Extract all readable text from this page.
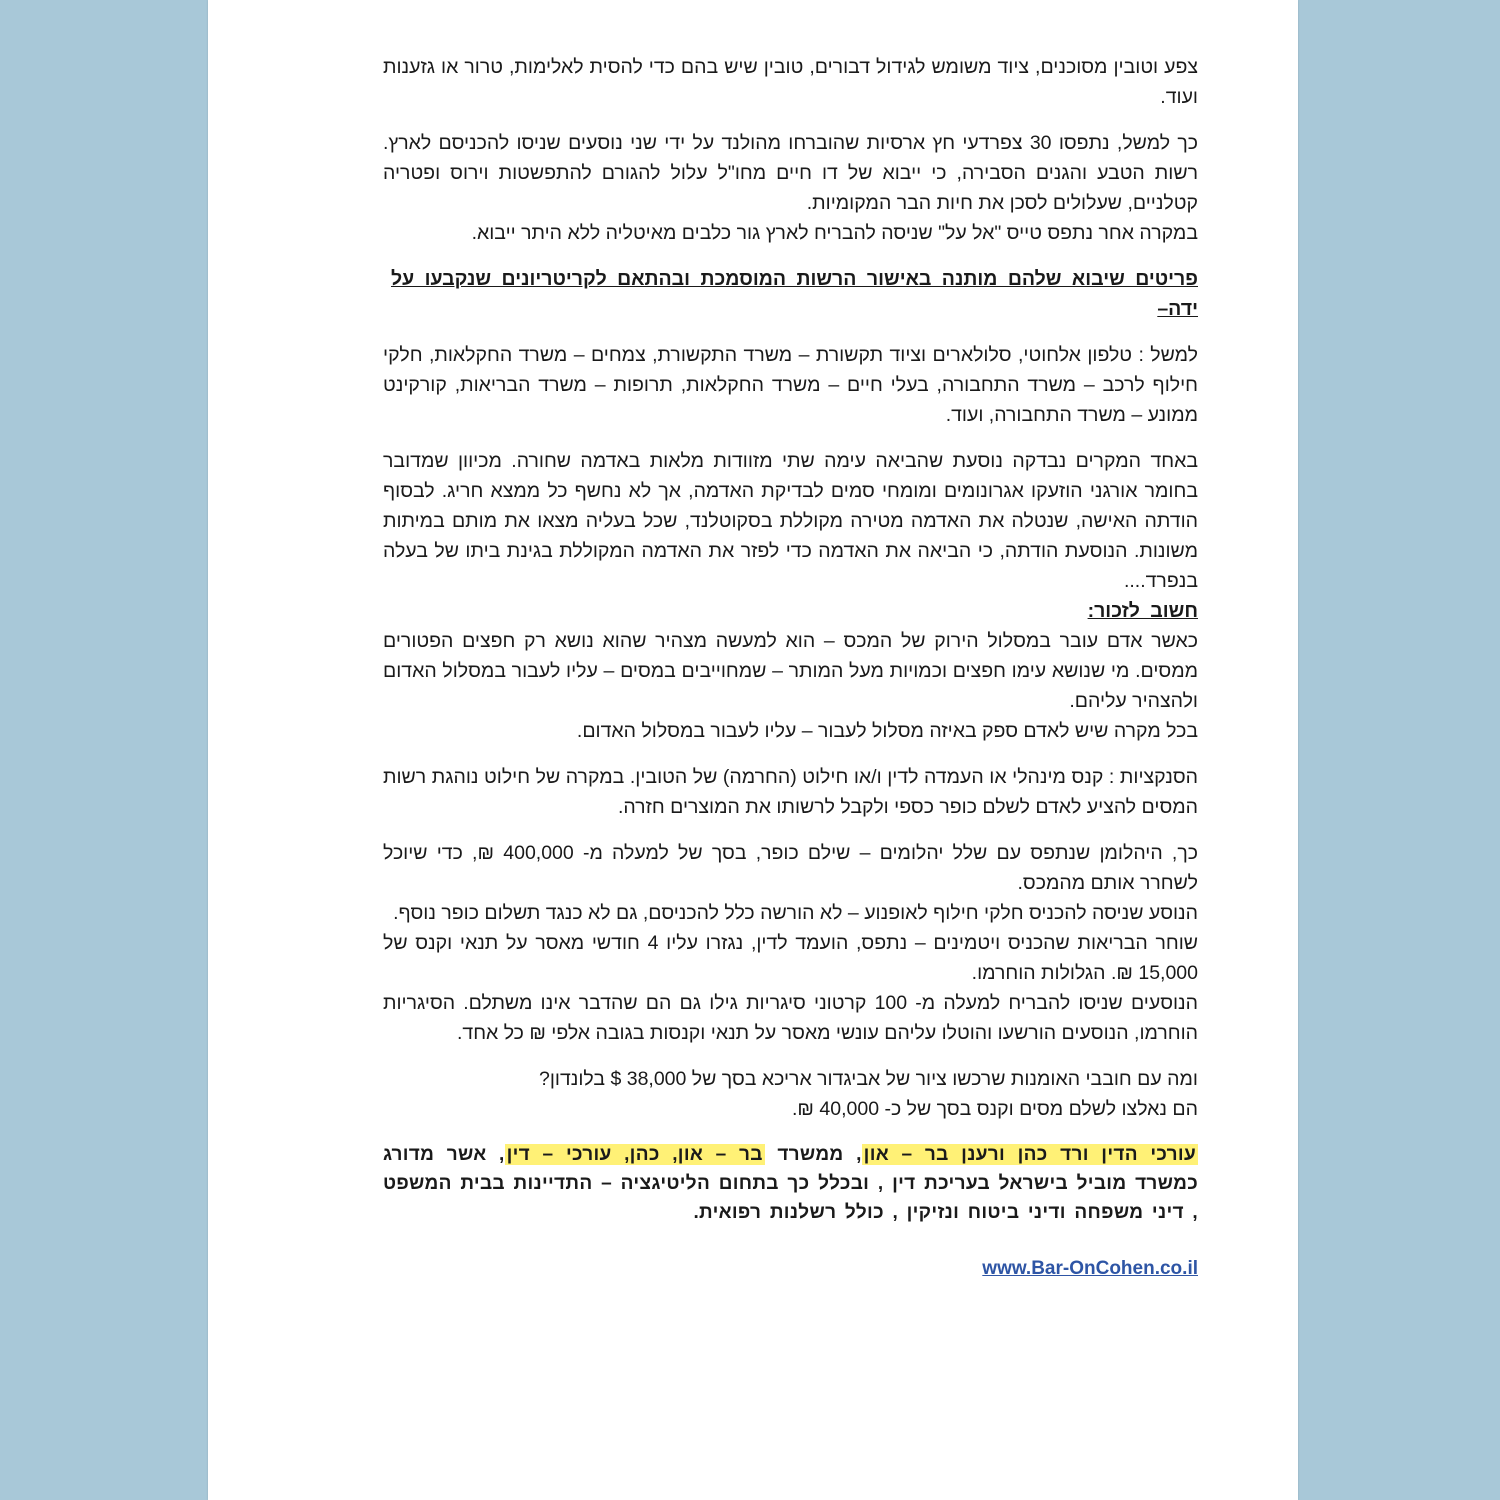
צפע וטובין מסוכנים, ציוד משומש לגידול דבורים, טובין שיש בהם כדי להסית לאלימות, טרור או גזענות ועוד.

כך למשל, נתפסו 30 צפרדעי חץ ארסיות שהוברחו מהולנד על ידי שני נוסעים שניסו להכניסם לארץ. רשות הטבע והגנים הסבירה, כי ייבוא של דו חיים מחו"ל עלול להגורם להתפשטות וירוס ופטריה קטלניים, שעלולים לסכן את חיות הבר המקומיות.

במקרה אחר נתפס טייס "אל על" שניסה להבריח לארץ גור כלבים מאיטליה ללא היתר ייבוא.

פריטים שיבוא שלהם מותנה באישור הרשות המוסמכת ובהתאם לקריטריונים שנקבעו על ידה–

למשל : טלפון אלחוטי, סלולארים וציוד תקשורת – משרד התקשורת, צמחים – משרד החקלאות, חלקי חילוף לרכב – משרד התחבורה, בעלי חיים – משרד החקלאות, תרופות – משרד הבריאות, קורקינט ממונע – משרד התחבורה, ועוד.

באחד המקרים נבדקה נוסעת שהביאה עימה שתי מזוודות מלאות באדמה שחורה. מכיוון שמדובר בחומר אורגני הוזעקו אגרונומים ומומחי סמים לבדיקת האדמה, אך לא נחשף כל ממצא חריג. לבסוף הודתה האישה, שנטלה את האדמה מטירה מקוללת בסקוטלנד, שכל בעליה מצאו את מותם במיתות משונות. הנוסעת הודתה, כי הביאה את האדמה כדי לפזר את האדמה המקוללת בגינת ביתו של בעלה בנפרד....

חשוב לזכור:

כאשר אדם עובר במסלול הירוק של המכס – הוא למעשה מצהיר שהוא נושא רק חפצים הפטורים ממסים. מי שנושא עימו חפצים וכמויות מעל המותר – שמחוייבים במסים – עליו לעבור במסלול האדום ולהצהיר עליהם.

בכל מקרה שיש לאדם ספק באיזה מסלול לעבור – עליו לעבור במסלול האדום.

הסנקציות : קנס מינהלי או העמדה לדין ו/או חילוט (החרמה) של הטובין. במקרה של חילוט נוהגת רשות המסים להציע לאדם לשלם כופר כספי ולקבל לרשותו את המוצרים חזרה.

כך, היהלומן שנתפס עם שלל יהלומים – שילם כופר, בסך של למעלה מ- 400,000 ₪, כדי שיוכל לשחרר אותם מהמכס.

הנוסע שניסה להכניס חלקי חילוף לאופנוע – לא הורשה כלל להכניסם, גם לא כנגד תשלום כופר נוסף.

שוחר הבריאות שהכניס ויטמינים – נתפס, הועמד לדין, נגזרו עליו 4 חודשי מאסר על תנאי וקנס של 15,000 ₪. הגלולות הוחרמו.

הנוסעים שניסו להבריח למעלה מ- 100 קרטוני סיגריות גילו גם הם שהדבר אינו משתלם. הסיגריות הוחרמו, הנוסעים הורשעו והוטלו עליהם עונשי מאסר על תנאי וקנסות בגובה אלפי ₪ כל אחד.

ומה עם חובבי האומנות שרכשו ציור של אביגדור אריכא בסך של 38,000 $ בלונדון?

הם נאלצו לשלם מסים וקנס בסך של כ- 40,000 ₪.

עורכי הדין ורד כהן ורענן בר – און, ממשרד בר – און, כהן, עורכי – דין, אשר מדורג כמשרד מוביל בישראל בעריכת דין , ובכלל כך בתחום הליטיגציה – התדיינות בבית המשפט , דיני משפחה ודיני ביטוח ונזיקין , כולל רשלנות רפואית.

www.Bar-OnCohen.co.il
